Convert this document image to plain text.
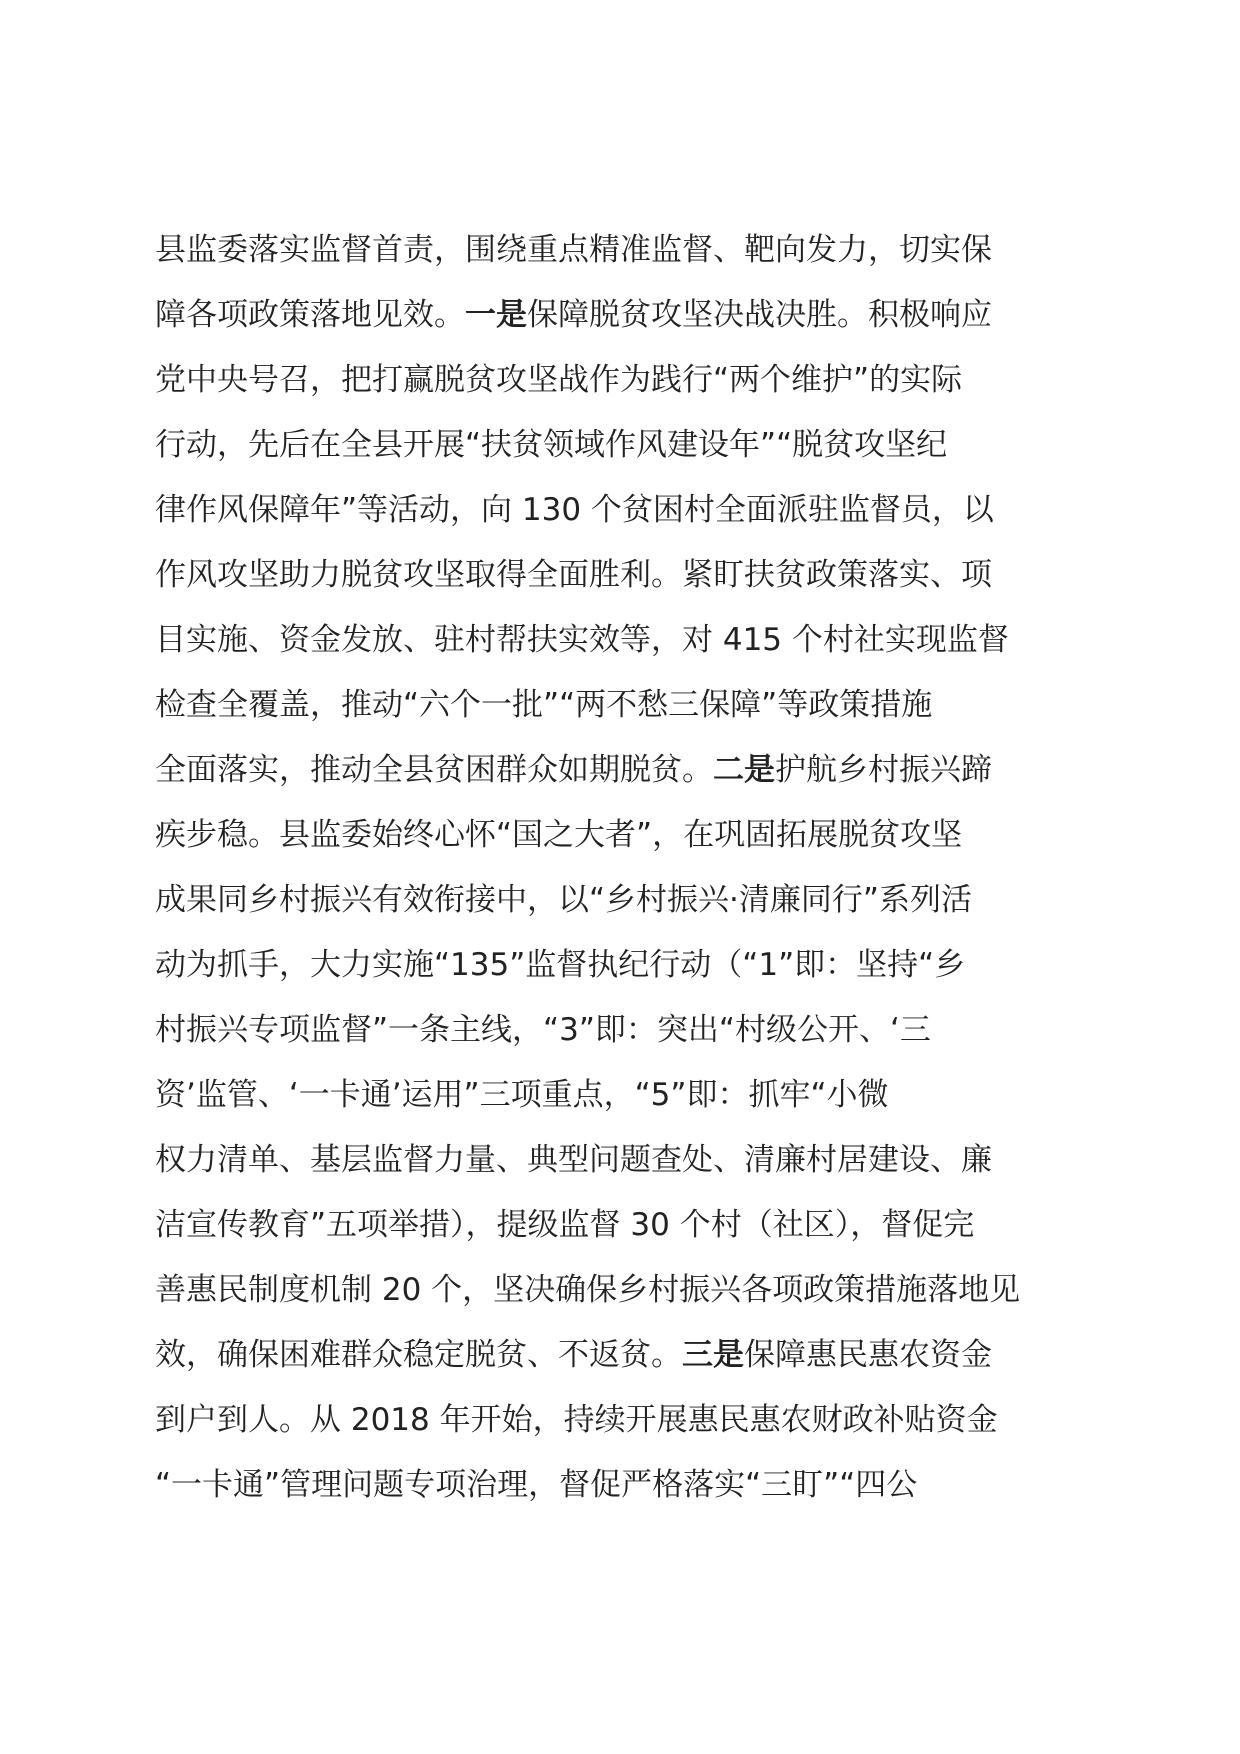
县监委落实监督首责，围绕重点精准监督、靶向发力，切实保
障各项政策落地见效。一是保障脱贫攻坚决战决胜。积极响应
党中央号召，把打赢脱贫攻坚战作为践行“两个维护”的实际
行动，先后在全县开展“扶贫领域作风建设年”“脱贫攻坚纪
律作风保障年”等活动，向 130 个贫困村全面派驻监督员，以
作风攻坚助力脱贫攻坚取得全面胜利。紧盯扶贫政策落实、项
目实施、资金发放、驻村帮扶实效等，对 415 个村社实现监督
检查全覆盖，推动“六个一批”“两不愁三保障”等政策措施
全面落实，推动全县贫困群众如期脱贫。二是护航乡村振兴蹄
疾步稳。县监委始终心怀“国之大者”，在巩固拓展脱贫攻坚
成果同乡村振兴有效衔接中，以“乡村振兴·清廉同行”系列活
动为抓手，大力实施“135”监督执纪行动（“1”即：坚持“乡
村振兴专项监督”一条主线，“3”即：突出“村级公开、‘三
资’监管、‘一卡通’运用”三项重点，“5”即：抓牢“小微
权力清单、基层监督力量、典型问题查处、清廉村居建设、廉
洁宣传教育”五项举措），提级监督 30 个村（社区），督促完
善惠民制度机制 20 个，坚决确保乡村振兴各项政策措施落地见
效，确保困难群众稳定脱贫、不返贫。三是保障惠民惠农资金
到户到人。从 2018 年开始，持续开展惠民惠农财政补贴资金
“一卡通”管理问题专项治理，督促严格落实“三盯”“四公
